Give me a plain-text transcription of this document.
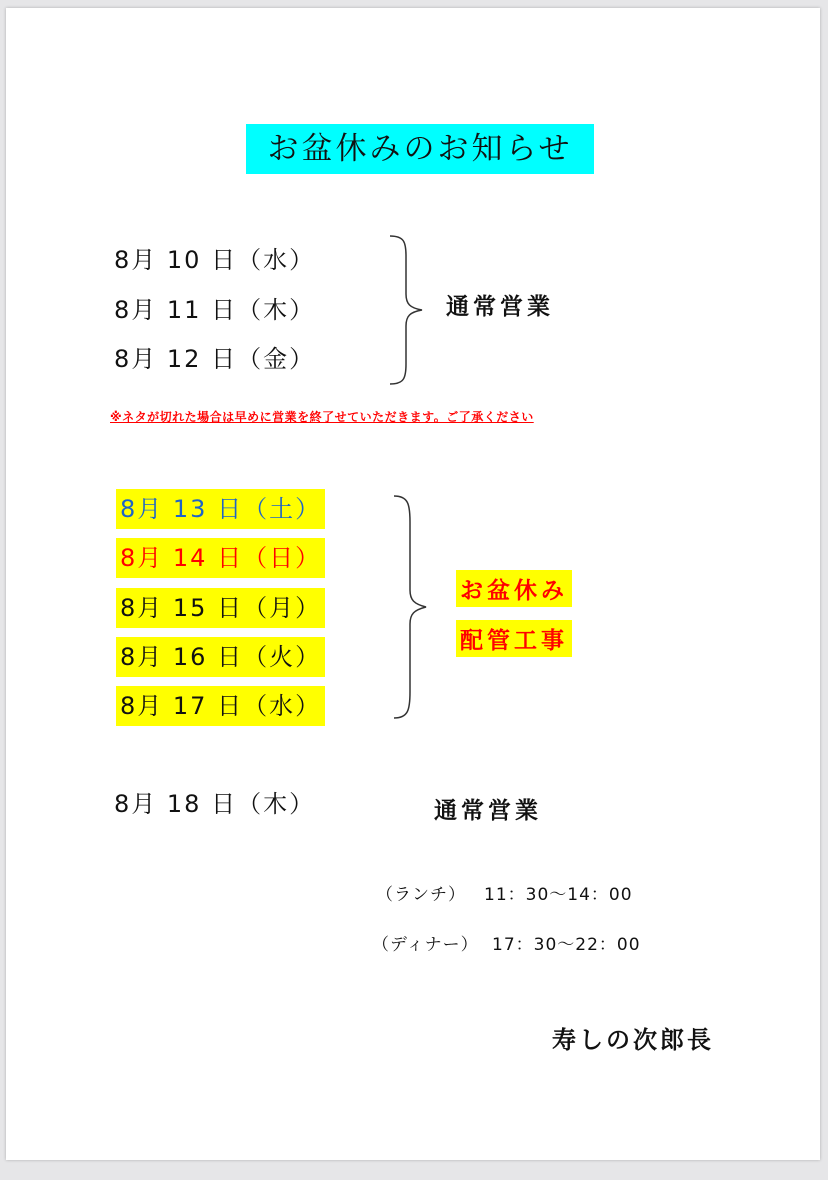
お盆休みのお知らせ
8月 10 日（水）
8月 11 日（木）
8月 12 日（金）
通常営業
※ネタが切れた場合は早めに営業を終了せていただきます。ご了承ください
8月 13 日（土）
8月 14 日（日）
8月 15 日（月）
8月 16 日（火）
8月 17 日（水）
お盆休み
配管工事
8月 18 日（木）	通常営業
（ランチ） 11：30〜14：00
（ディナー） 17：30〜22：00
寿しの次郎長
